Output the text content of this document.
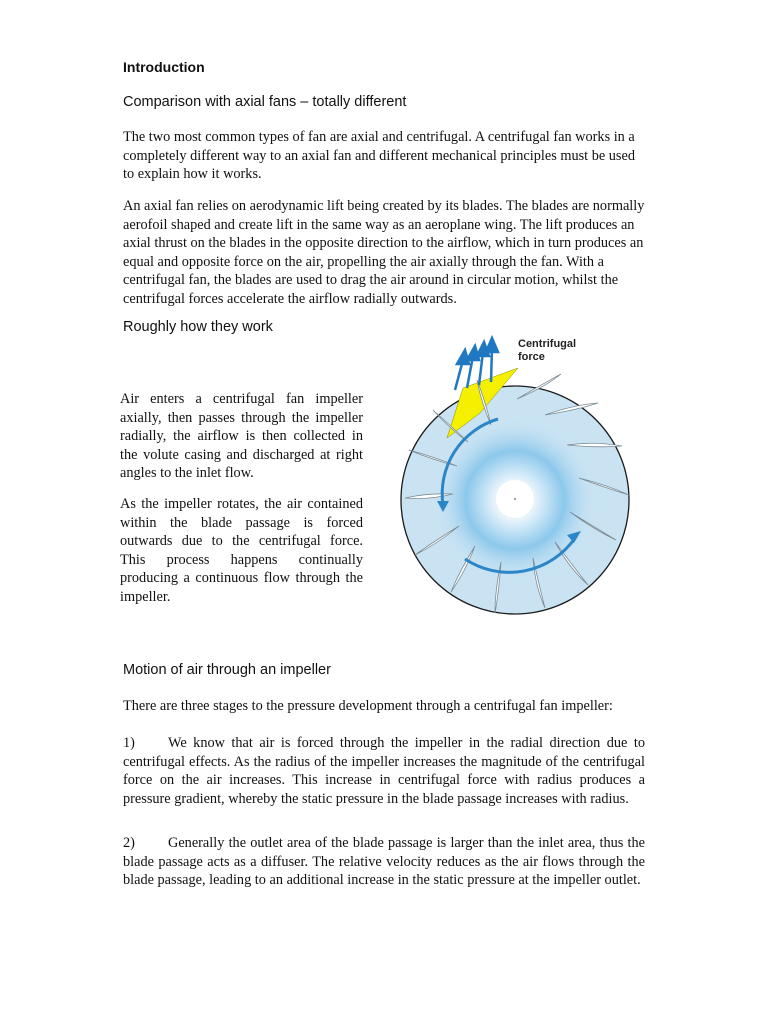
Introduction
Comparison with axial fans – totally different
The two most common types of fan are axial and centrifugal. A centrifugal fan works in a completely different way to an axial fan and different mechanical principles must be used to explain how it works.
An axial fan relies on aerodynamic lift being created by its blades. The blades are normally aerofoil shaped and create lift in the same way as an aeroplane wing. The lift produces an axial thrust on the blades in the opposite direction to the airflow, which in turn produces an equal and opposite force on the air, propelling the air axially through the fan. With a centrifugal fan, the blades are used to drag the air around in circular motion, whilst the centrifugal forces accelerate the airflow radially outwards.
Roughly how they work
Air enters a centrifugal fan impeller axially, then passes through the impeller radially, the airflow is then collected in the volute casing and discharged at right angles to the inlet flow.
As the impeller rotates, the air contained within the blade passage is forced outwards due to the centrifugal force. This process happens continually producing a continuous flow through the impeller.
Centrifugal
force
Motion of air through an impeller
There are three stages to the pressure development through a centrifugal fan impeller:
1) We know that air is forced through the impeller in the radial direction due to centrifugal effects. As the radius of the impeller increases the magnitude of the centrifugal force on the air increases. This increase in centrifugal force with radius produces a pressure gradient, whereby the static pressure in the blade passage increases with radius.
2) Generally the outlet area of the blade passage is larger than the inlet area, thus the blade passage acts as a diffuser. The relative velocity reduces as the air flows through the blade passage, leading to an additional increase in the static pressure at the impeller outlet.
